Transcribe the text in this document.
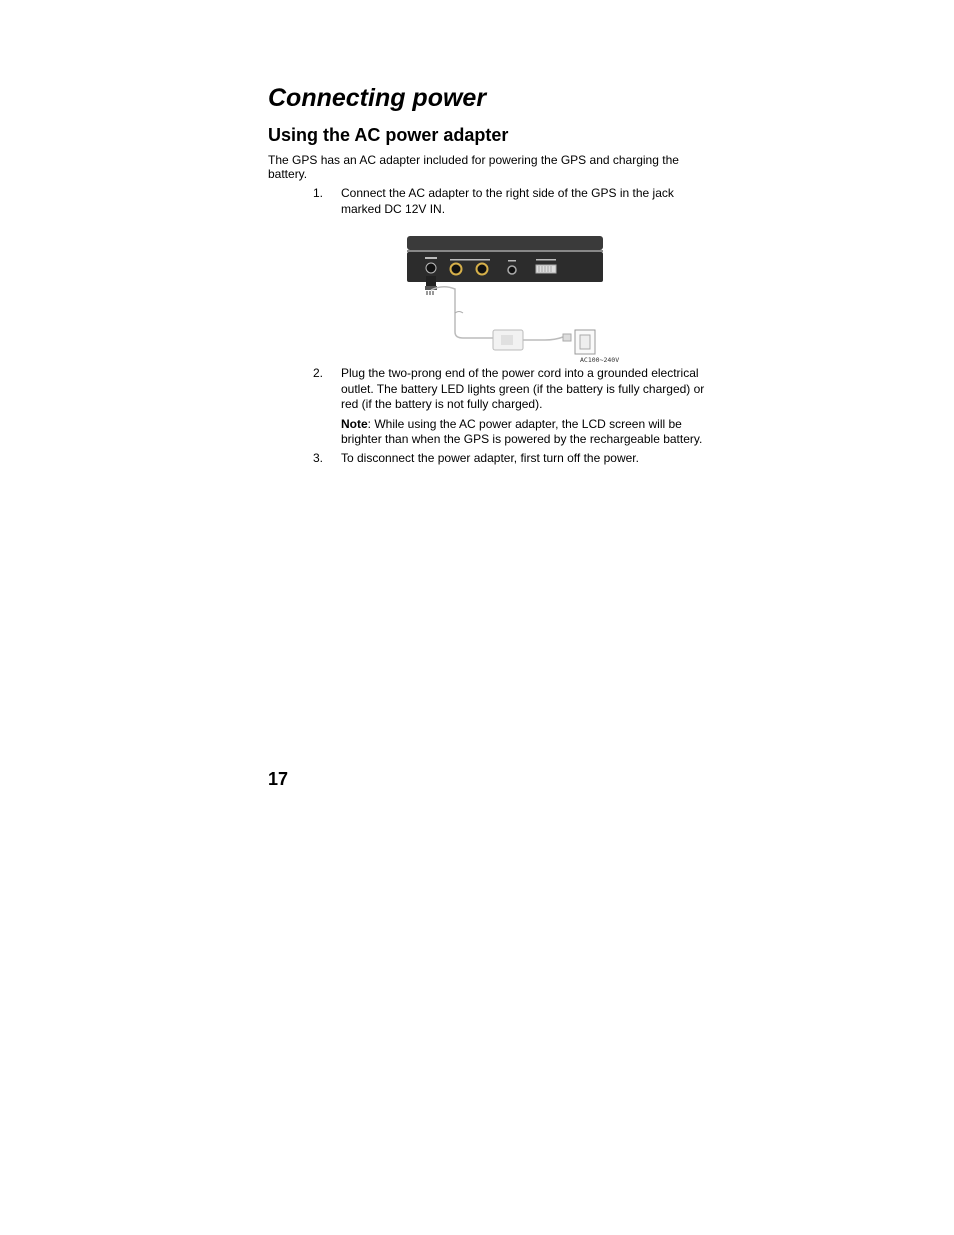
Connecting power
Using the AC power adapter

The GPS has an AC adapter included for powering the GPS and charging the battery.

1. Connect the AC adapter to the right side of the GPS in the jack marked DC 12V IN.
AC100~240V
2. Plug the two-prong end of the power cord into a grounded electrical outlet. The battery LED lights green (if the battery is fully charged) or red (if the battery is not fully charged).
Note: While using the AC power adapter, the LCD screen will be brighter than when the GPS is powered by the rechargeable battery.
3. To disconnect the power adapter, first turn off the power.

17
